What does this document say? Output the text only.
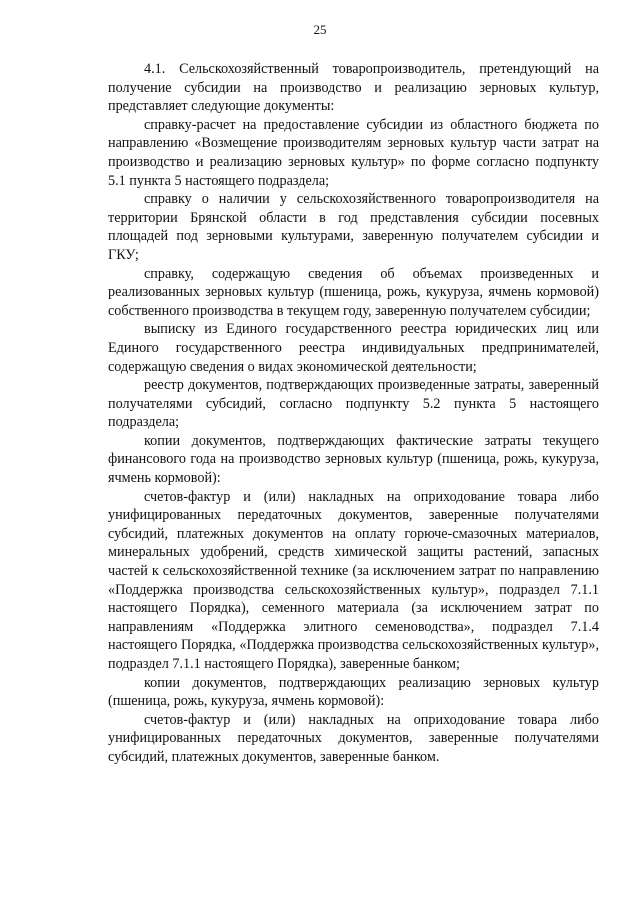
25

4.1. Сельскохозяйственный товаропроизводитель, претендующий на получение субсидии на производство и реализацию зерновых культур, представляет следующие документы:

справку-расчет на предоставление субсидии из областного бюджета по направлению «Возмещение производителям зерновых культур части затрат на производство и реализацию зерновых культур» по форме согласно подпункту 5.1 пункта 5 настоящего подраздела;

справку о наличии у сельскохозяйственного товаропроизводителя на территории Брянской области в год представления субсидии посевных площадей под зерновыми культурами, заверенную получателем субсидии и ГКУ;

справку, содержащую сведения об объемах произведенных и реализованных зерновых культур (пшеница, рожь, кукуруза, ячмень кормовой) собственного производства в текущем году, заверенную получателем субсидии;

выписку из Единого государственного реестра юридических лиц или Единого государственного реестра индивидуальных предпринимателей, содержащую сведения о видах экономической деятельности;

реестр документов, подтверждающих произведенные затраты, заверенный получателями субсидий, согласно подпункту 5.2 пункта 5 настоящего подраздела;

копии документов, подтверждающих фактические затраты текущего финансового года на производство зерновых культур (пшеница, рожь, кукуруза, ячмень кормовой):

счетов-фактур и (или) накладных на оприходование товара либо унифицированных передаточных документов, заверенные получателями субсидий, платежных документов на оплату горюче-смазочных материалов, минеральных удобрений, средств химической защиты растений, запасных частей к сельскохозяйственной технике (за исключением затрат по направлению «Поддержка производства сельскохозяйственных культур», подраздел 7.1.1 настоящего Порядка), семенного материала (за исключением затрат по направлениям «Поддержка элитного семеноводства», подраздел 7.1.4 настоящего Порядка, «Поддержка производства сельскохозяйственных культур», подраздел 7.1.1 настоящего Порядка), заверенные банком;

копии документов, подтверждающих реализацию зерновых культур (пшеница, рожь, кукуруза, ячмень кормовой):

счетов-фактур и (или) накладных на оприходование товара либо унифицированных передаточных документов, заверенные получателями субсидий, платежных документов, заверенные банком.
